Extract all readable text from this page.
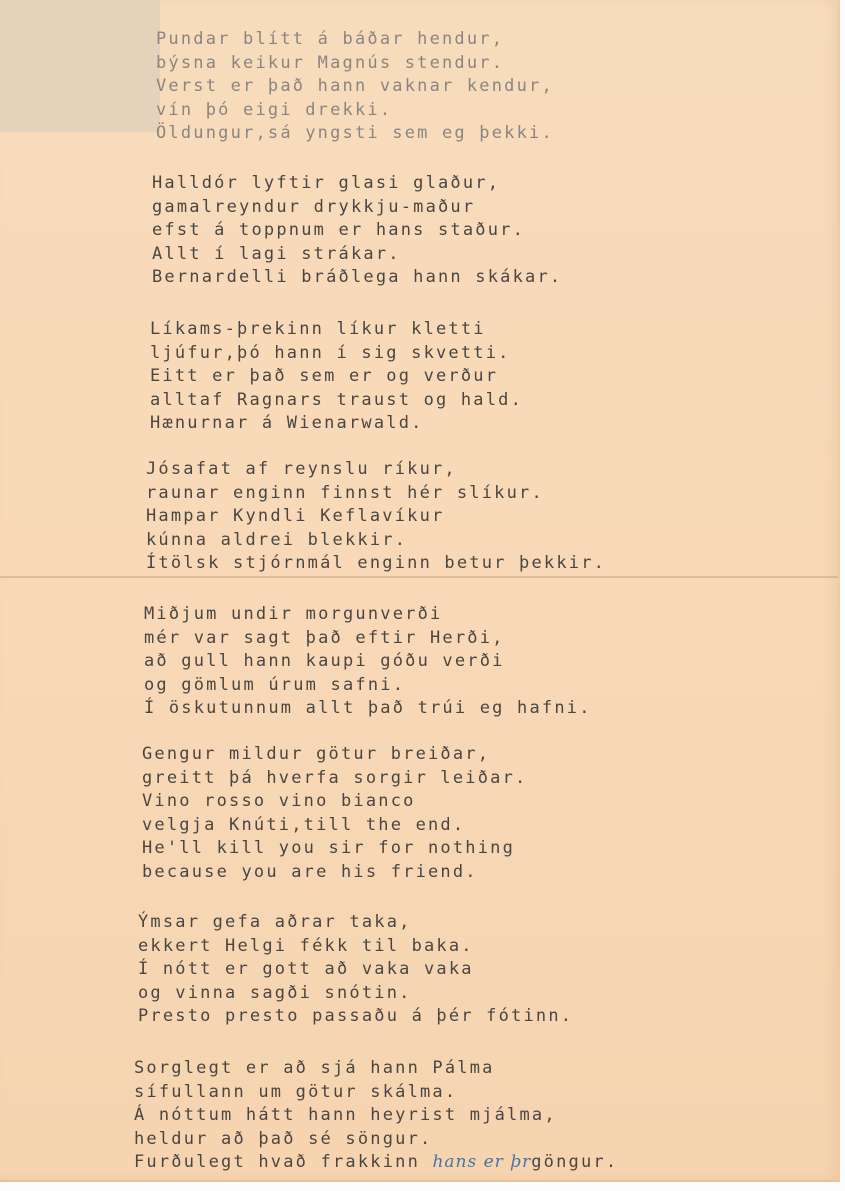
Pundar blítt á báðar hendur,
býsna keikur Magnús stendur.
Verst er það hann vaknar kendur,
vín þó eigi drekki.
Öldungur,sá yngsti sem eg þekki.
Halldór lyftir glasi glaður,
gamalreyndur drykkju-maður
efst á toppnum er hans staður.
Allt í lagi strákar.
Bernardelli bráðlega hann skákar.
Líkams-þrekinn líkur kletti
ljúfur,þó hann í sig skvetti.
Eitt er það sem er og verður
alltaf Ragnars traust og hald.
Hænurnar á Wienarwald.
Jósafat af reynslu ríkur,
raunar enginn finnst hér slíkur.
Hampar Kyndli Keflavíkur
kúnna aldrei blekkir.
Ítölsk stjórnmál enginn betur þekkir.
Miðjum undir morgunverði
mér var sagt það eftir Herði,
að gull hann kaupi góðu verði
og gömlum úrum safni.
Í öskutunnum allt það trúi eg hafni.
Gengur mildur götur breiðar,
greitt þá hverfa sorgir leiðar.
Vino rosso vino bianco
velgja Knúti,till the end.
He'll kill you sir for nothing
because you are his friend.
Ýmsar gefa aðrar taka,
ekkert Helgi fékk til baka.
Í nótt er gott að vaka vaka
og vinna sagði snótin.
Presto presto passaðu á þér fótinn.
Sorglegt er að sjá hann Pálma
sífullann um götur skálma.
Á nóttum hátt hann heyrist mjálma,
heldur að það sé söngur.
Furðulegt hvað frakkinn hans er þrgöngur.
